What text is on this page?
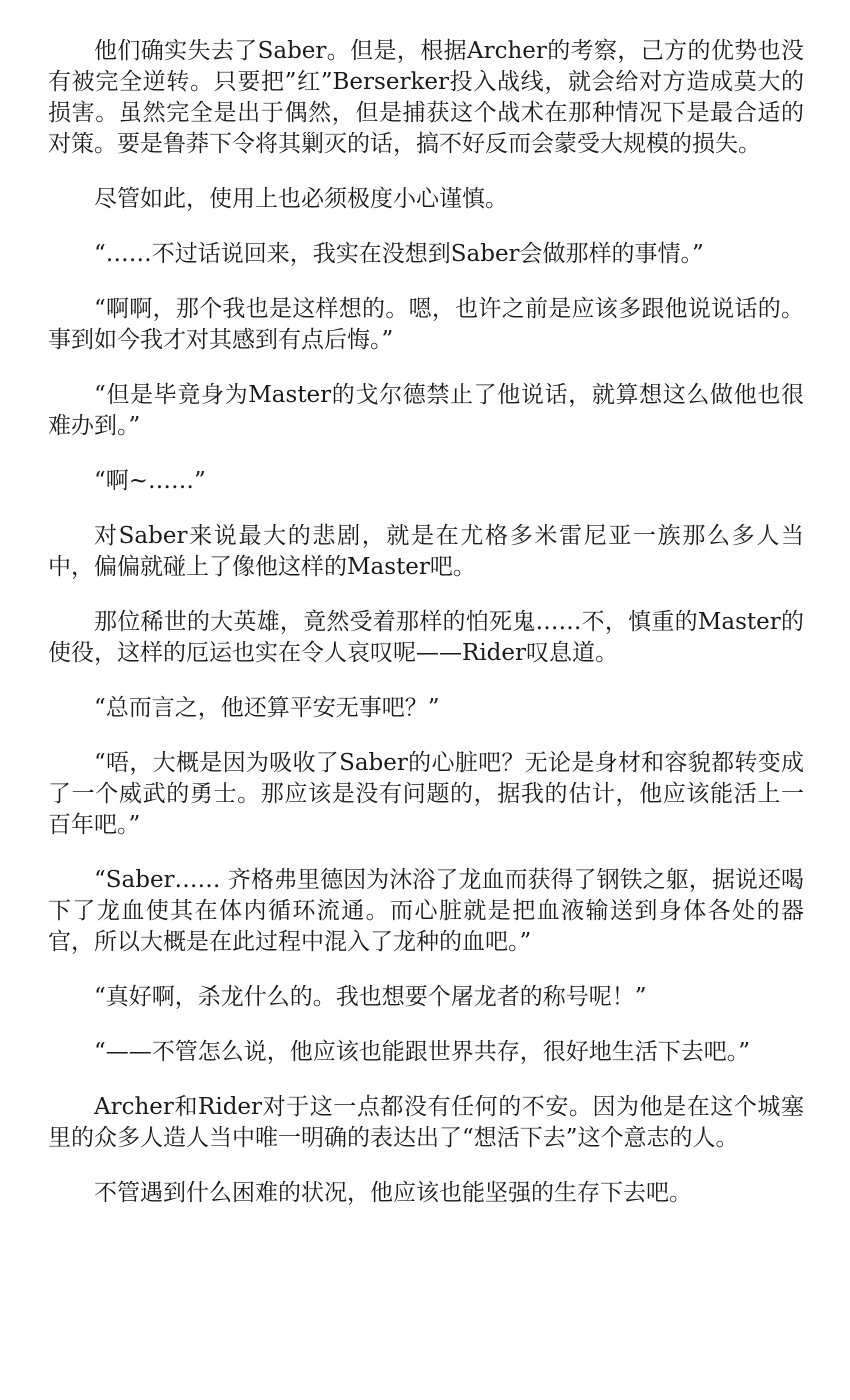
他们确实失去了Saber。但是，根据Archer的考察，己方的优势也没有被完全逆转。只要把”红”Berserker投入战线，就会给对方造成莫大的损害。虽然完全是出于偶然，但是捕获这个战术在那种情况下是最合适的对策。要是鲁莽下令将其剿灭的话，搞不好反而会蒙受大规模的损失。

尽管如此，使用上也必须极度小心谨慎。

“……不过话说回来，我实在没想到Saber会做那样的事情。”

“啊啊，那个我也是这样想的。嗯，也许之前是应该多跟他说说话的。事到如今我才对其感到有点后悔。”

“但是毕竟身为Master的戈尔德禁止了他说话，就算想这么做他也很难办到。”

“啊~……”

对Saber来说最大的悲剧，就是在尤格多米雷尼亚一族那么多人当中，偏偏就碰上了像他这样的Master吧。

那位稀世的大英雄，竟然受着那样的怕死鬼……不，慎重的Master的使役，这样的厄运也实在令人哀叹呢——Rider叹息道。

“总而言之，他还算平安无事吧？”

“唔，大概是因为吸收了Saber的心脏吧？无论是身材和容貌都转变成了一个威武的勇士。那应该是没有问题的，据我的估计，他应该能活上一百年吧。”

“Saber…… 齐格弗里德因为沐浴了龙血而获得了钢铁之躯，据说还喝下了龙血使其在体内循环流通。而心脏就是把血液输送到身体各处的器官，所以大概是在此过程中混入了龙种的血吧。”

“真好啊，杀龙什么的。我也想要个屠龙者的称号呢！”

“——不管怎么说，他应该也能跟世界共存，很好地生活下去吧。”

Archer和Rider对于这一点都没有任何的不安。因为他是在这个城塞里的众多人造人当中唯一明确的表达出了“想活下去”这个意志的人。

不管遇到什么困难的状况，他应该也能坚强的生存下去吧。
